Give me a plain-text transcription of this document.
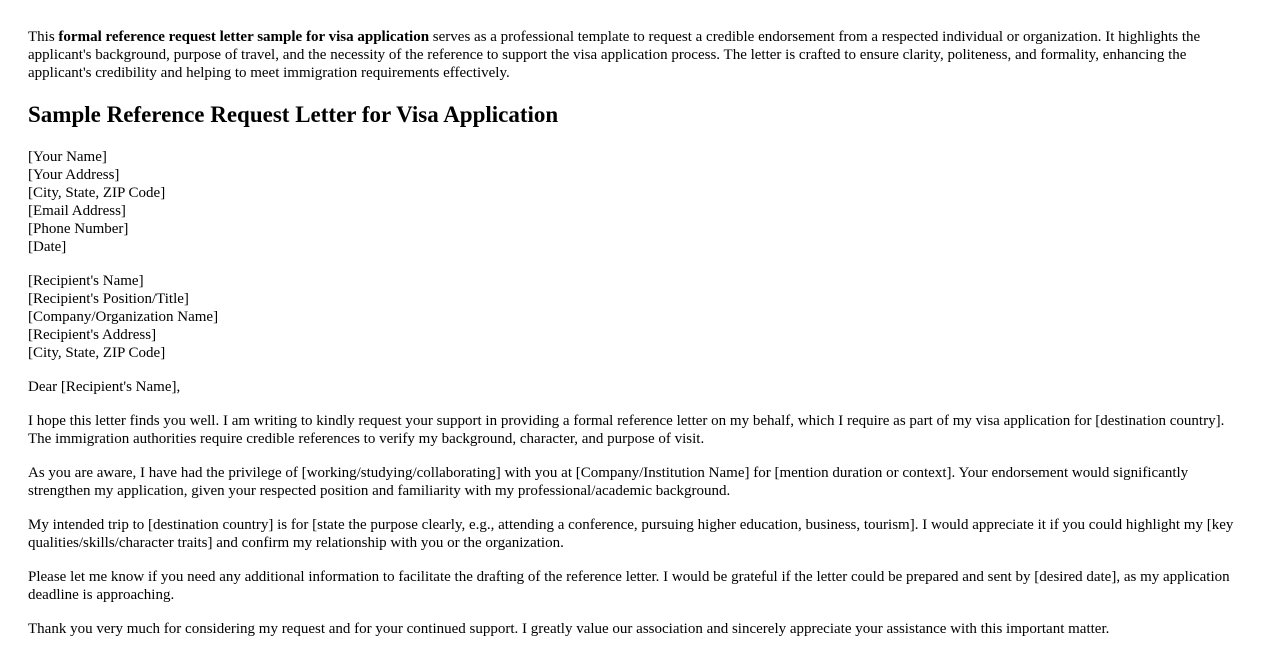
This formal reference request letter sample for visa application serves as a professional template to request a credible endorsement from a respected individual or organization. It highlights the applicant's background, purpose of travel, and the necessity of the reference to support the visa application process. The letter is crafted to ensure clarity, politeness, and formality, enhancing the applicant's credibility and helping to meet immigration requirements effectively.

Sample Reference Request Letter for Visa Application
[Your Name]
[Your Address]
[City, State, ZIP Code]
[Email Address]
[Phone Number]
[Date]
[Recipient's Name]
[Recipient's Position/Title]
[Company/Organization Name]
[Recipient's Address]
[City, State, ZIP Code]

Dear [Recipient's Name],

I hope this letter finds you well. I am writing to kindly request your support in providing a formal reference letter on my behalf, which I require as part of my visa application for [destination country]. The immigration authorities require credible references to verify my background, character, and purpose of visit.

As you are aware, I have had the privilege of [working/studying/collaborating] with you at [Company/Institution Name] for [mention duration or context]. Your endorsement would significantly strengthen my application, given your respected position and familiarity with my professional/academic background.

My intended trip to [destination country] is for [state the purpose clearly, e.g., attending a conference, pursuing higher education, business, tourism]. I would appreciate it if you could highlight my [key qualities/skills/character traits] and confirm my relationship with you or the organization.

Please let me know if you need any additional information to facilitate the drafting of the reference letter. I would be grateful if the letter could be prepared and sent by [desired date], as my application deadline is approaching.

Thank you very much for considering my request and for your continued support. I greatly value our association and sincerely appreciate your assistance with this important matter.
